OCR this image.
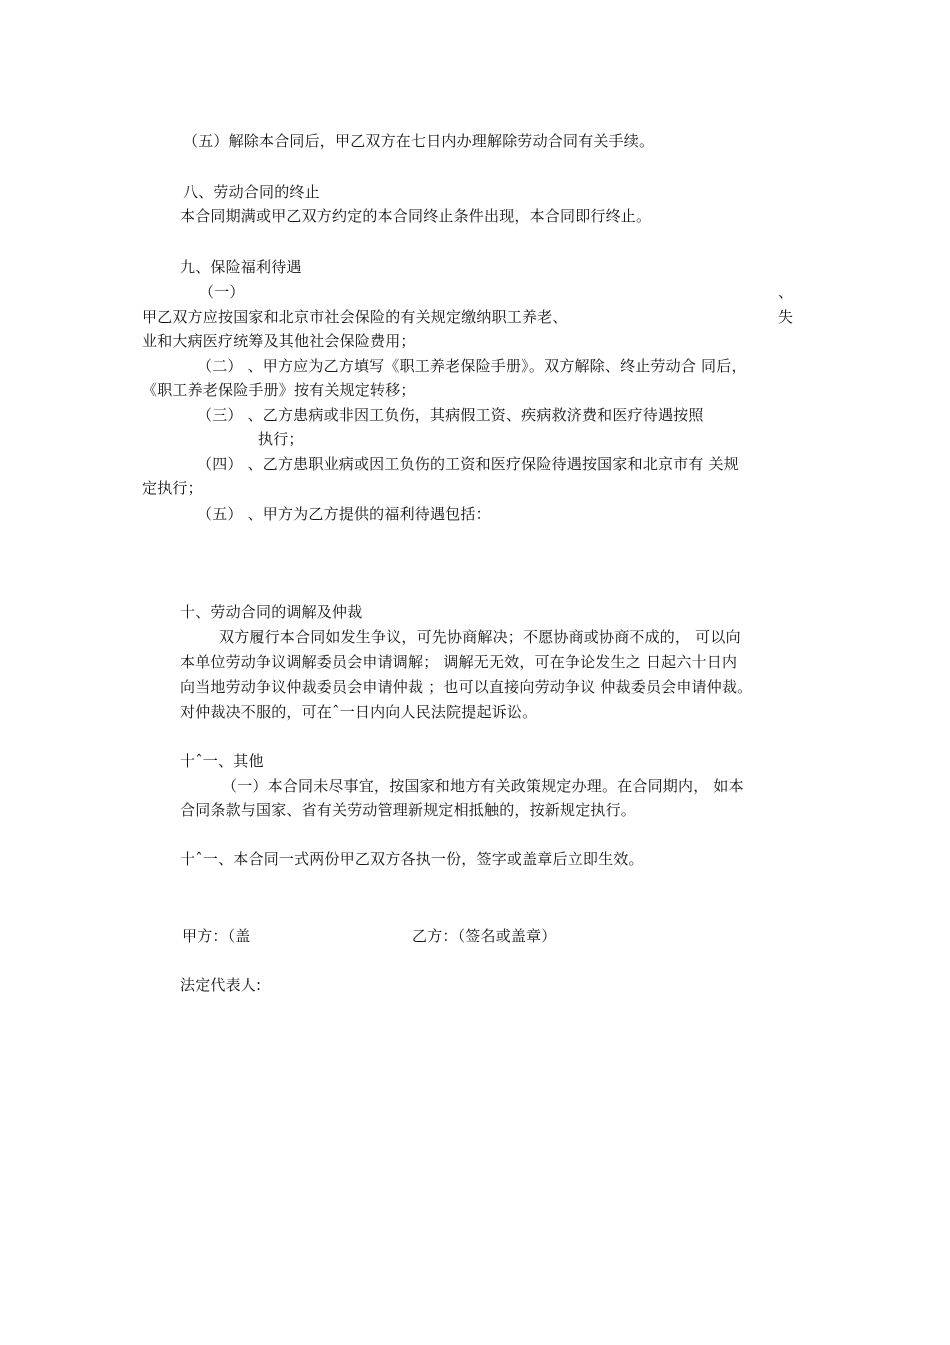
（五）解除本合同后，甲乙双方在七日内办理解除劳动合同有关手续。
八、劳动合同的终止
本合同期满或甲乙双方约定的本合同终止条件出现，本合同即行终止。
九、保险福利待遇
（一）	、
甲乙双方应按国家和北京市社会保险的有关规定缴纳职工养老、	失
业和大病医疗统筹及其他社会保险费用；
（二） 、甲方应为乙方填写《职工养老保险手册》。双方解除、终止劳动合 同后，
《职工养老保险手册》按有关规定转移；
（三） 、乙方患病或非因工负伤，其病假工资、疾病救济费和医疗待遇按照
执行；
（四） 、乙方患职业病或因工负伤的工资和医疗保险待遇按国家和北京市有 关规
定执行；
（五） 、甲方为乙方提供的福利待遇包括：
十、劳动合同的调解及仲裁
双方履行本合同如发生争议，可先协商解决；不愿协商或协商不成的， 可以向
本单位劳动争议调解委员会申请调解； 调解无无效，可在争论发生之 日起六十日内
向当地劳动争议仲裁委员会申请仲裁 ；也可以直接向劳动争议 仲裁委员会申请仲裁。
对仲裁决不服的，可在ˆ一日内向人民法院提起诉讼。
十ˆ一、其他
（一）本合同未尽事宜，按国家和地方有关政策规定办理。在合同期内， 如本
合同条款与国家、省有关劳动管理新规定相抵触的，按新规定执行。
十ˆ一、本合同一式两份甲乙双方各执一份，签字或盖章后立即生效。
甲方：（盖	乙方：（签名或盖章）
法定代表人:
